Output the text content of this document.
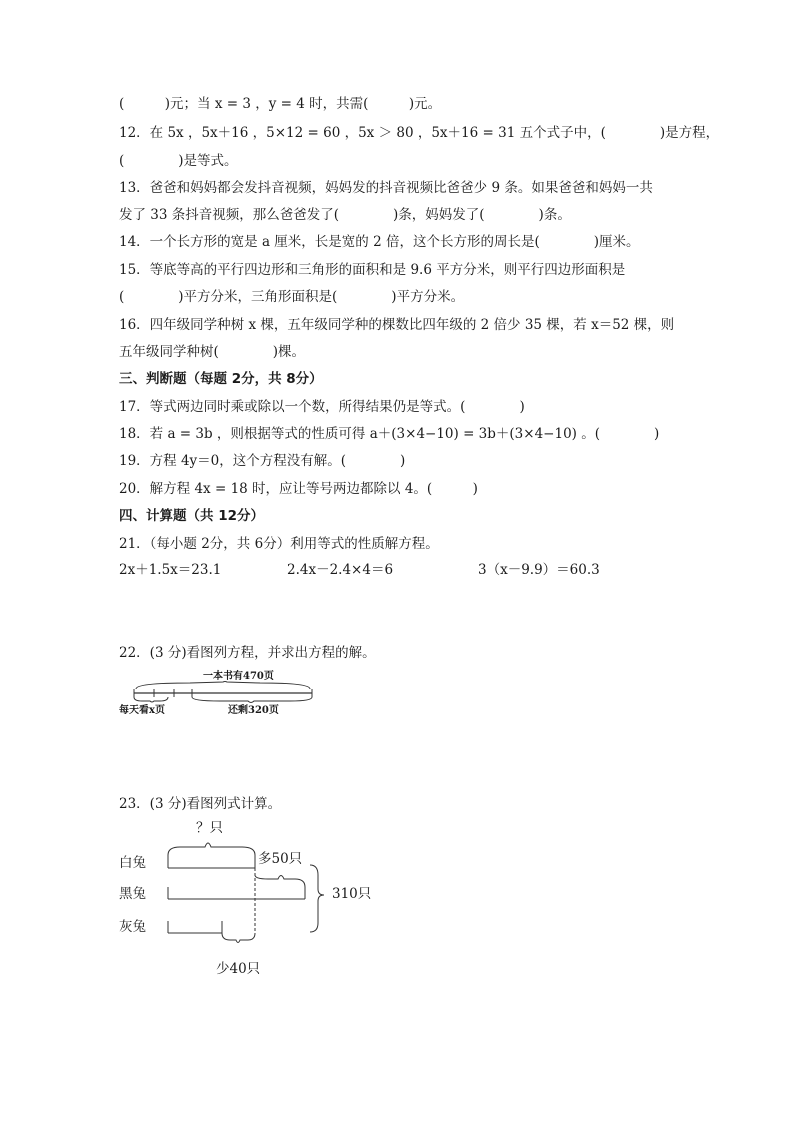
(　　　)元；当 x = 3 ，y = 4 时，共需(　　　)元。
12．在 5x ，5x＋16 ，5×12 = 60 ，5x ＞ 80 ，5x＋16 = 31 五个式子中，(　　　　)是方程，
(　　　　)是等式。
13．爸爸和妈妈都会发抖音视频，妈妈发的抖音视频比爸爸少 9 条。如果爸爸和妈妈一共
发了 33 条抖音视频，那么爸爸发了(　　　　)条，妈妈发了(　　　　)条。
14．一个长方形的宽是 a 厘米，长是宽的 2 倍，这个长方形的周长是(　　　　)厘米。
15．等底等高的平行四边形和三角形的面积和是 9.6 平方分米，则平行四边形面积是
(　　　　)平方分米，三角形面积是(　　　　)平方分米。
16．四年级同学种树 x 棵，五年级同学种的棵数比四年级的 2 倍少 35 棵，若 x＝52 棵，则
五年级同学种树(　　　　)棵。
三、判断题（每题 2分，共 8分）
17．等式两边同时乘或除以一个数，所得结果仍是等式。(　　　　)
18．若 a = 3b ，则根据等式的性质可得 a＋(3×4−10) = 3b＋(3×4−10) 。(　　　　)
19．方程 4y＝0，这个方程没有解。(　　　　)
20．解方程 4x = 18 时，应让等号两边都除以 4。(　　　)
四、计算题（共 12分）
21．（每小题 2分，共 6分）利用等式的性质解方程。
2x＋1.5x＝23.1	2.4x－2.4×4＝6	3（x－9.9）＝60.3
22．(3 分)看图列方程，并求出方程的解。
一本书有470页
每天看x页	还剩320页
23．(3 分)看图列式计算。
？只
白兔	多50只
黑兔	310只
灰兔
少40只
